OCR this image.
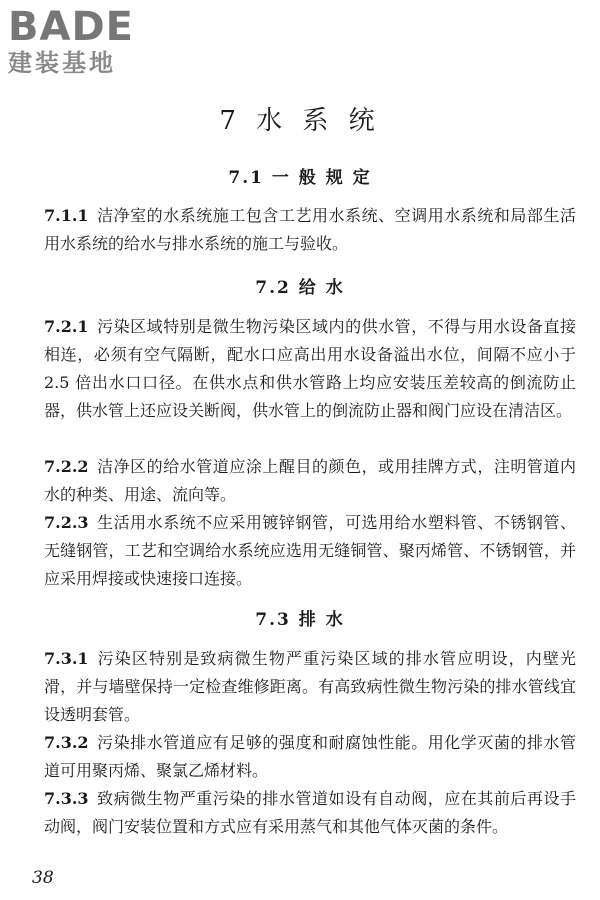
BADE
建装基地
7 水 系 统
7.1 一 般 规 定

7.1.1 洁净室的水系统施工包含工艺用水系统、空调用水系统和局部生活用水系统的给水与排水系统的施工与验收。

7.2 给 水

7.2.1 污染区域特别是微生物污染区域内的供水管，不得与用水设备直接相连，必须有空气隔断，配水口应高出用水设备溢出水位，间隔不应小于 2.5 倍出水口口径。在供水点和供水管路上均应安装压差较高的倒流防止器，供水管上还应设关断阀，供水管上的倒流防止器和阀门应设在清洁区。

7.2.2 洁净区的给水管道应涂上醒目的颜色，或用挂牌方式，注明管道内水的种类、用途、流向等。

7.2.3 生活用水系统不应采用镀锌钢管，可选用给水塑料管、不锈钢管、无缝钢管，工艺和空调给水系统应选用无缝铜管、聚丙烯管、不锈钢管，并应采用焊接或快速接口连接。

7.3 排 水

7.3.1 污染区特别是致病微生物严重污染区域的排水管应明设，内壁光滑，并与墙壁保持一定检查维修距离。有高致病性微生物污染的排水管线宜设透明套管。

7.3.2 污染排水管道应有足够的强度和耐腐蚀性能。用化学灭菌的排水管道可用聚丙烯、聚氯乙烯材料。

7.3.3 致病微生物严重污染的排水管道如设有自动阀，应在其前后再设手动阀，阀门安装位置和方式应有采用蒸气和其他气体灭菌的条件。

38
